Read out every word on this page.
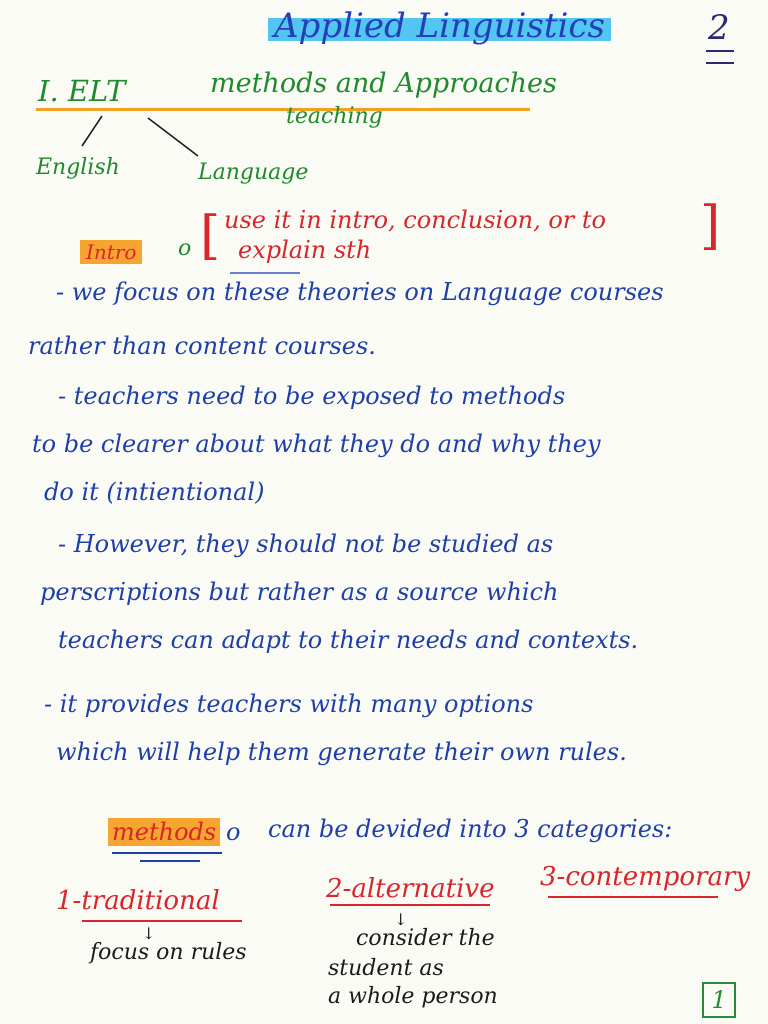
Applied Linguistics	2
I. ELT	methods and Approaches
teaching
English	Language
Intro o [ use it in intro, conclusion, or to
explain sth	]
- we focus on these theories on Language courses
rather than content courses.
- teachers need to be exposed to methods
to be clearer about what they do and why they
do it (intientional)
- However, they should not be studied as
perscriptions but rather as a source which
teachers can adapt to their needs and contexts.
- it provides teachers with many options
which will help them generate their own rules.
methods o can be devided into 3 categories:
1-traditional
↓
focus on rules
2-alternative
↓
consider the
student as
a whole person
3-contemporary
1
